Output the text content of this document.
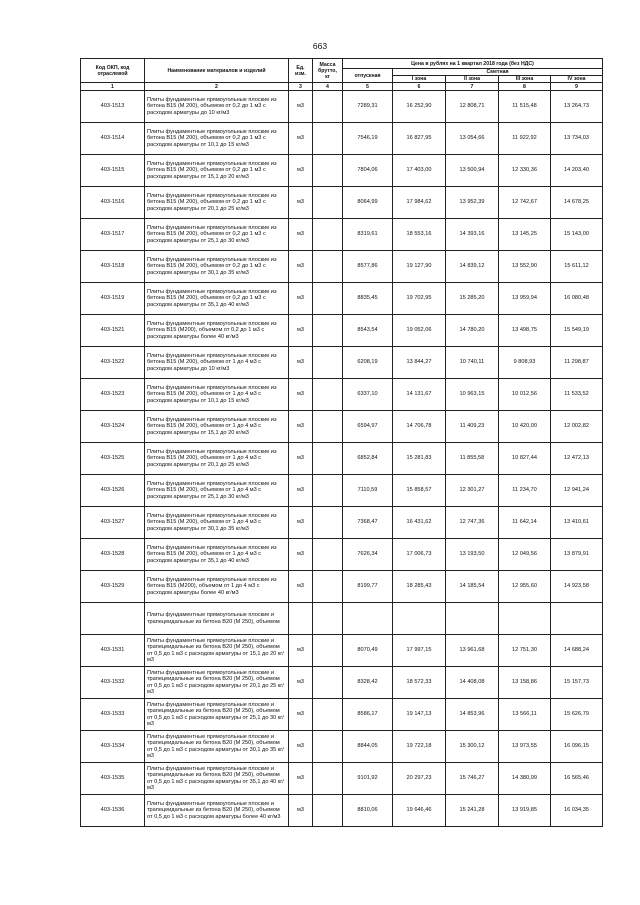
663
Код ОКП, код отраслевой	Наименование материалов и изделий	Ед. изм.	Масса брутто, кг	Цена в рублях на 1 квартал 2018 года (без НДС)				
				отпускная	Сметная			
					I зона	II зона	III зона	IV зона
1	2	3	4	5	6	7	8	9
403-1513	Плиты фундаментные прямоугольные плоские из бетона В15 (М 200), объемом от 0,2 до 1 м3 с расходом арматуры до 10 кг/м3	м3		7289,31	16 252,90	12 808,71	11 515,48	13 264,73
403-1514	Плиты фундаментные прямоугольные плоские из бетона В15 (М 200), объемом от 0,2 до 1 м3 с расходом арматуры от 10,1 до 15 кг/м3	м3		7546,19	16 827,95	13 054,66	11 922,92	13 734,03
403-1515	Плиты фундаментные прямоугольные плоские из бетона В15 (М 200), объемом от 0,2 до 1 м3 с расходом арматуры от 15,1 до 20 кг/м3	м3		7804,06	17 403,00	13 500,94	12 330,36	14 203,40
403-1516	Плиты фундаментные прямоугольные плоские из бетона В15 (М 200), объемом от 0,2 до 1 м3 с расходом арматуры от 20,1 до 25 кг/м3	м3		8064,99	17 984,62	13 952,39	12 742,67	14 678,25
403-1517	Плиты фундаментные прямоугольные плоские из бетона В15 (М 200), объемом от 0,2 до 1 м3 с расходом арматуры от 25,1 до 30 кг/м3	м3		8319,61	18 553,16	14 393,16	13 145,25	15 143,00
403-1518	Плиты фундаментные прямоугольные плоские из бетона В15 (М 200), объемом от 0,2 до 1 м3 с расходом арматуры от 30,1 до 35 кг/м3	м3		8577,86	19 127,90	14 839,12	13 552,90	15 611,12
403-1519	Плиты фундаментные прямоугольные плоские из бетона В15 (М 200), объемом от 0,2 до 1 м3 с расходом арматуры от 35,1 до 40 кг/м3	м3		8835,45	19 702,95	15 285,20	13 959,94	16 080,48
403-1521	Плиты фундаментные прямоугольные плоские из бетона В15 (М200), объемом от 0,2 до 1 м3 с расходом арматуры более 40 кг/м3	м3		8543,54	19 052,06	14 780,20	13 498,75	15 549,19
403-1522	Плиты фундаментные прямоугольные плоские из бетона В15 (М 200), объемом от 1 до 4 м3 с расходом арматуры до 10 кг/м3	м3		6208,19	13 844,27	10 740,11	9 808,93	11 298,87
403-1523	Плиты фундаментные прямоугольные плоские из бетона В15 (М 200), объемом от 1 до 4 м3 с расходом арматуры от 10,1 до 15 кг/м3	м3		6337,10	14 131,67	10 963,15	10 012,56	11 533,52
403-1524	Плиты фундаментные прямоугольные плоские из бетона В15 (М 200), объемом от 1 до 4 м3 с расходом арматуры от 15,1 до 20 кг/м3	м3		6594,97	14 706,78	11 409,23	10 420,00	12 002,82
403-1525	Плиты фундаментные прямоугольные плоские из бетона В15 (М 200), объемом от 1 до 4 м3 с расходом арматуры от 20,1 до 25 кг/м3	м3		6852,84	15 281,83	11 855,58	10 827,44	12 472,13
403-1526	Плиты фундаментные прямоугольные плоские из бетона В15 (М 200), объемом от 1 до 4 м3 с расходом арматуры от 25,1 до 30 кг/м3	м3		7110,59	15 858,57	12 301,27	11 234,70	12 941,24
403-1527	Плиты фундаментные прямоугольные плоские из бетона В15 (М 200), объемом от 1 до 4 м3 с расходом арматуры от 30,1 до 35 кг/м3	м3		7368,47	16 431,62	12 747,36	11 642,14	13 410,61
403-1528	Плиты фундаментные прямоугольные плоские из бетона В15 (М 200), объемом от 1 до 4 м3 с расходом арматуры от 35,1 до 40 кг/м3	м3		7626,34	17 006,73	13 193,50	12 049,56	13 879,91
403-1529	Плиты фундаментные прямоугольные плоские из бетона В15 (М200), объемом от 1 до 4 м3 с расходом арматуры более 40 кг/м3	м3		8199,77	18 285,43	14 185,54	12 955,60	14 923,58
	Плиты фундаментные прямоугольные плоские и трапецеидальные из бетона В20 (М 250), объемом							
403-1531	Плиты фундаментные прямоугольные плоские и трапецеидальные из бетона В20 (М 250), объемом от 0,5 до 1 м3 с расходом арматуры от 15,1 до 20 кг/м3	м3		8070,49	17 997,15	13 961,68	12 751,30	14 688,24
403-1532	Плиты фундаментные прямоугольные плоские и трапецеидальные из бетона В20 (М 250), объемом от 0,5 до 1 м3 с расходом арматуры от 20,1 до 25 кг/м3	м3		8328,42	18 572,33	14 408,08	13 158,86	15 157,73
403-1533	Плиты фундаментные прямоугольные плоские и трапецеидальные из бетона В20 (М 250), объемом от 0,5 до 1 м3 с расходом арматуры от 25,1 до 30 кг/м3	м3		8586,17	19 147,13	14 853,96	13 566,11	15 626,79
403-1534	Плиты фундаментные прямоугольные плоские и трапецеидальные из бетона В20 (М 250), объемом от 0,5 до 1 м3 с расходом арматуры от 30,1 до 35 кг/м3	м3		8844,05	19 722,18	15 300,12	13 973,55	16 096,15
403-1535	Плиты фундаментные прямоугольные плоские и трапецеидальные из бетона В20 (М 250), объемом от 0,5 до 1 м3 с расходом арматуры от 35,1 до 40 кг/м3	м3		9101,92	20 297,23	15 746,27	14 380,99	16 565,46
403-1536	Плиты фундаментные прямоугольные плоские и трапецеидальные из бетона В20 (М 250), объемом от 0,5 до 1 м3 с расходом арматуры более 40 кг/м3	м3		8810,06	19 646,46	15 241,28	13 919,85	16 034,35
